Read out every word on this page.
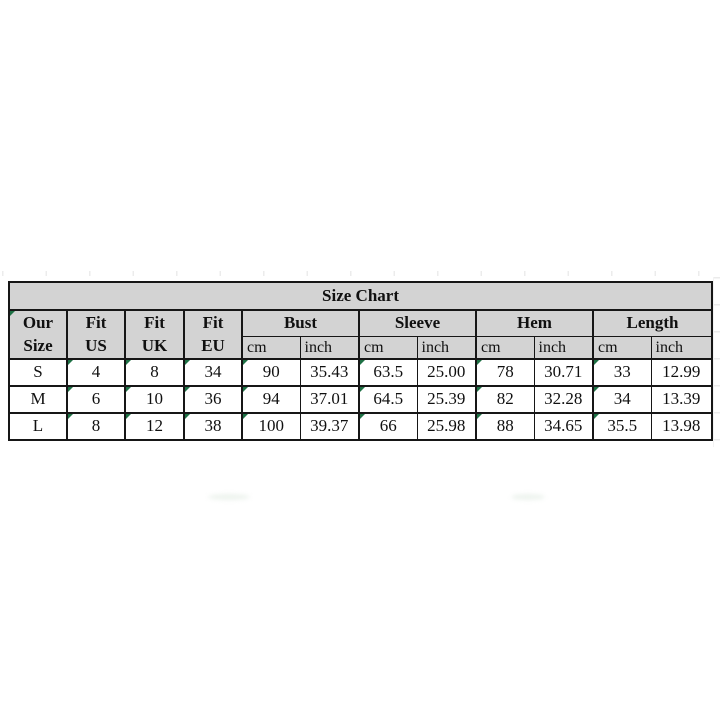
Size Chart											

Our Size	Fit US	Fit UK	Fit EU	Bust		Sleeve		Hem		Length	
				cm	inch	cm	inch	cm	inch	cm	inch
S	4	8	34	90	35.43	63.5	25.00	78	30.71	33	12.99
M	6	10	36	94	37.01	64.5	25.39	82	32.28	34	13.39
L	8	12	38	100	39.37	66	25.98	88	34.65	35.5	13.98
